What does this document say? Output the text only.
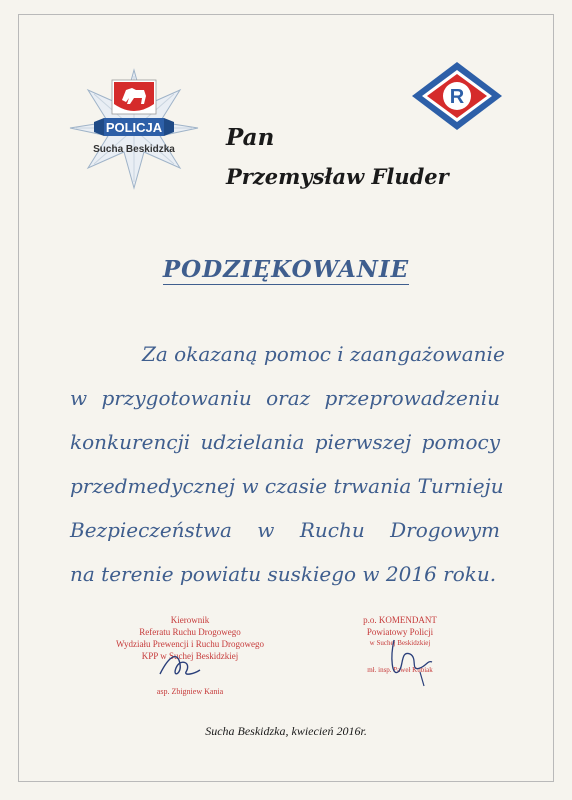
POLICJA
Sucha Beskidzka
R
Pan
Przemysław Fluder
PODZIĘKOWANIE
Za okazaną pomoc i zaangażowanie
w przygotowaniu oraz przeprowadzeniu
konkurencji udzielania pierwszej pomocy
przedmedycznej w czasie trwania Turnieju
Bezpieczeństwa w Ruchu Drogowym
na terenie powiatu suskiego w 2016 roku.
Kierownik
Referatu Ruchu Drogowego
Wydziału Prewencji i Ruchu Drogowego
KPP w Suchej Beskidzkiej
asp. Zbigniew Kania
p.o. KOMENDANT
Powiatowy Policji
w Suchej Beskidzkiej
mł. insp. Paweł Kubiak
Sucha Beskidzka, kwiecień 2016r.
